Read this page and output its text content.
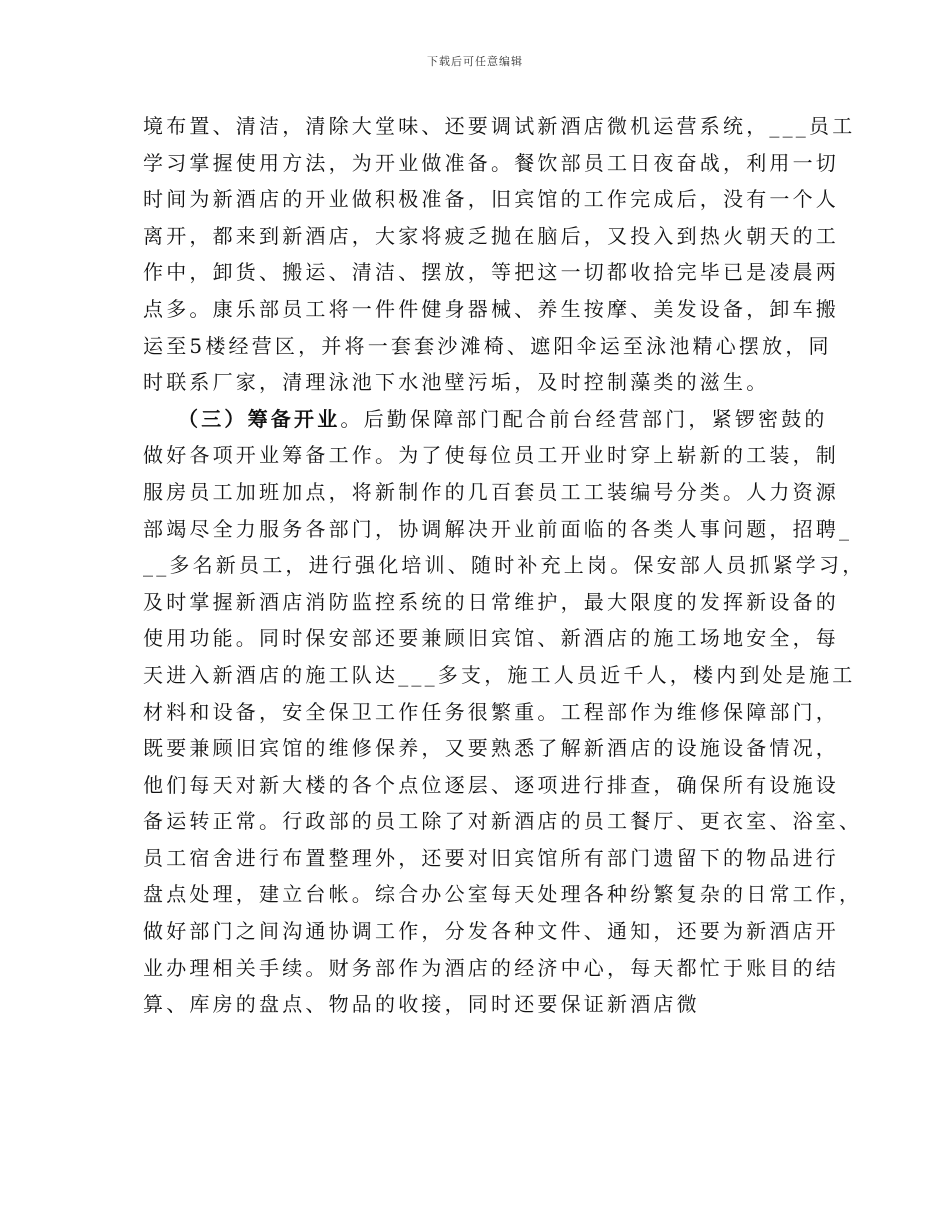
下载后可任意编辑
境布置、清洁，清除大堂味、还要调试新酒店微机运营系统，___员工
学习掌握使用方法，为开业做准备。餐饮部员工日夜奋战，利用一切
时间为新酒店的开业做积极准备，旧宾馆的工作完成后，没有一个人
离开，都来到新酒店，大家将疲乏抛在脑后，又投入到热火朝天的工
作中，卸货、搬运、清洁、摆放，等把这一切都收拾完毕已是凌晨两
点多。康乐部员工将一件件健身器械、养生按摩、美发设备，卸车搬
运至5楼经营区，并将一套套沙滩椅、遮阳伞运至泳池精心摆放，同
时联系厂家，清理泳池下水池壁污垢，及时控制藻类的滋生。
（三）筹备开业。后勤保障部门配合前台经营部门，紧锣密鼓的
做好各项开业筹备工作。为了使每位员工开业时穿上崭新的工装，制
服房员工加班加点，将新制作的几百套员工工装编号分类。人力资源
部竭尽全力服务各部门，协调解决开业前面临的各类人事问题，招聘_
__多名新员工，进行强化培训、随时补充上岗。保安部人员抓紧学习，
及时掌握新酒店消防监控系统的日常维护，最大限度的发挥新设备的
使用功能。同时保安部还要兼顾旧宾馆、新酒店的施工场地安全，每
天进入新酒店的施工队达___多支，施工人员近千人，楼内到处是施工
材料和设备，安全保卫工作任务很繁重。工程部作为维修保障部门，
既要兼顾旧宾馆的维修保养，又要熟悉了解新酒店的设施设备情况，
他们每天对新大楼的各个点位逐层、逐项进行排查，确保所有设施设
备运转正常。行政部的员工除了对新酒店的员工餐厅、更衣室、浴室、
员工宿舍进行布置整理外，还要对旧宾馆所有部门遗留下的物品进行
盘点处理，建立台帐。综合办公室每天处理各种纷繁复杂的日常工作，
做好部门之间沟通协调工作，分发各种文件、通知，还要为新酒店开
业办理相关手续。财务部作为酒店的经济中心，每天都忙于账目的结
算、库房的盘点、物品的收接，同时还要保证新酒店微
